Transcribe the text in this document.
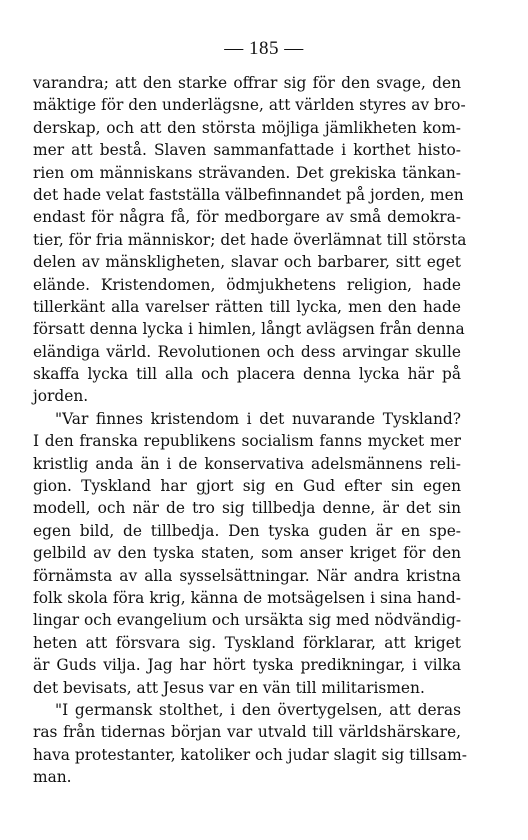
— 185 —
varandra; att den starke offrar sig för den svage, den
mäktige för den underlägsne, att världen styres av bro-
derskap, och att den största möjliga jämlikheten kom-
mer att bestå. Slaven sammanfattade i korthet histo-
rien om människans strävanden. Det grekiska tänkan-
det hade velat fastställa välbefinnandet på jorden, men
endast för några få, för medborgare av små demokra-
tier, för fria människor; det hade överlämnat till största
delen av mänskligheten, slavar och barbarer, sitt eget
elände. Kristendomen, ödmjukhetens religion, hade
tillerkänt alla varelser rätten till lycka, men den hade
försatt denna lycka i himlen, långt avlägsen från denna
eländiga värld. Revolutionen och dess arvingar skulle
skaffa lycka till alla och placera denna lycka här på
jorden.
"Var finnes kristendom i det nuvarande Tyskland?
I den franska republikens socialism fanns mycket mer
kristlig anda än i de konservativa adelsmännens reli-
gion. Tyskland har gjort sig en Gud efter sin egen
modell, och när de tro sig tillbedja denne, är det sin
egen bild, de tillbedja. Den tyska guden är en spe-
gelbild av den tyska staten, som anser kriget för den
förnämsta av alla sysselsättningar. När andra kristna
folk skola föra krig, känna de motsägelsen i sina hand-
lingar och evangelium och ursäkta sig med nödvändig-
heten att försvara sig. Tyskland förklarar, att kriget
är Guds vilja. Jag har hört tyska predikningar, i vilka
det bevisats, att Jesus var en vän till militarismen.
"I germansk stolthet, i den övertygelsen, att deras
ras från tidernas början var utvald till världshärskare,
hava protestanter, katoliker och judar slagit sig tillsam-
man.
